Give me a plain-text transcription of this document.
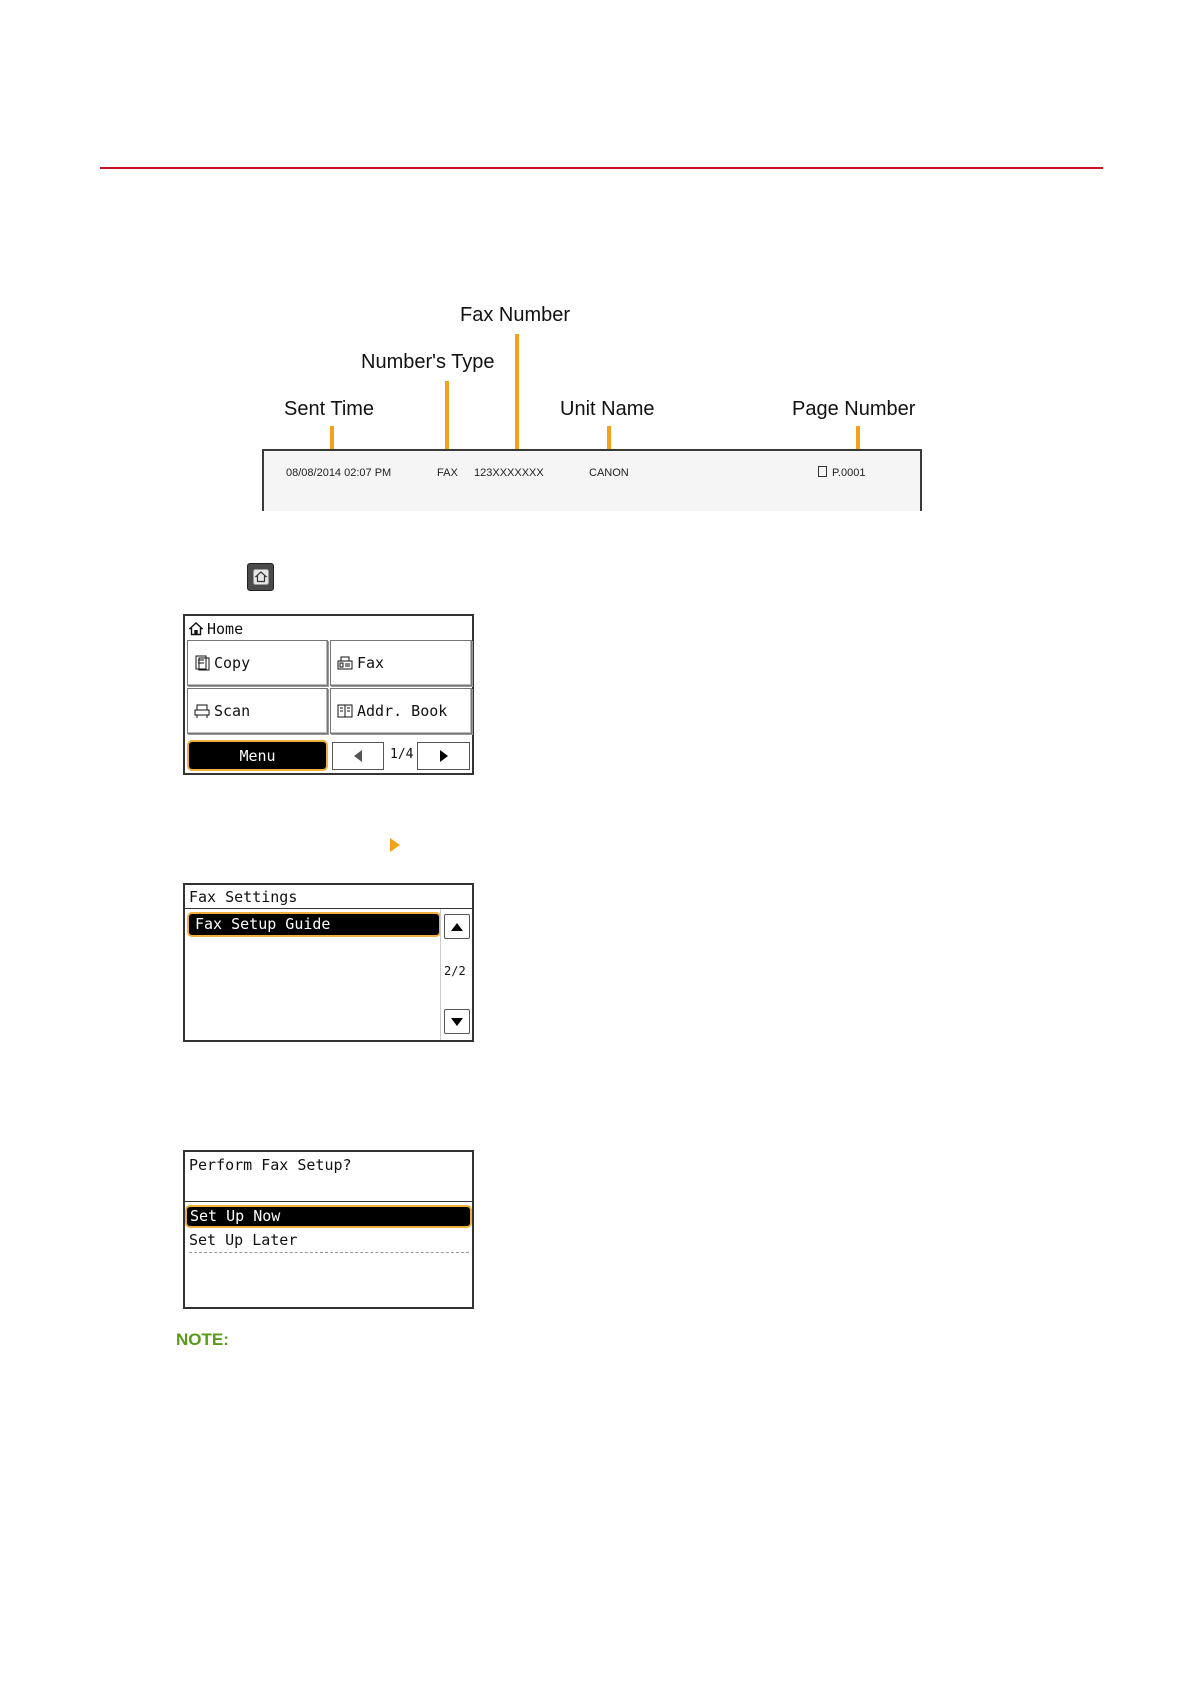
Fax Number
Number's Type
Sent Time	Unit Name	Page Number
08/08/2014 02:07 PM	FAX 123XXXXXXX	CANON	P.0001
Home
Copy	Fax
Scan	Addr. Book
Menu	1/4
Fax Settings
Fax Setup Guide
2/2
Perform Fax Setup?
Set Up Now
Set Up Later
NOTE:
